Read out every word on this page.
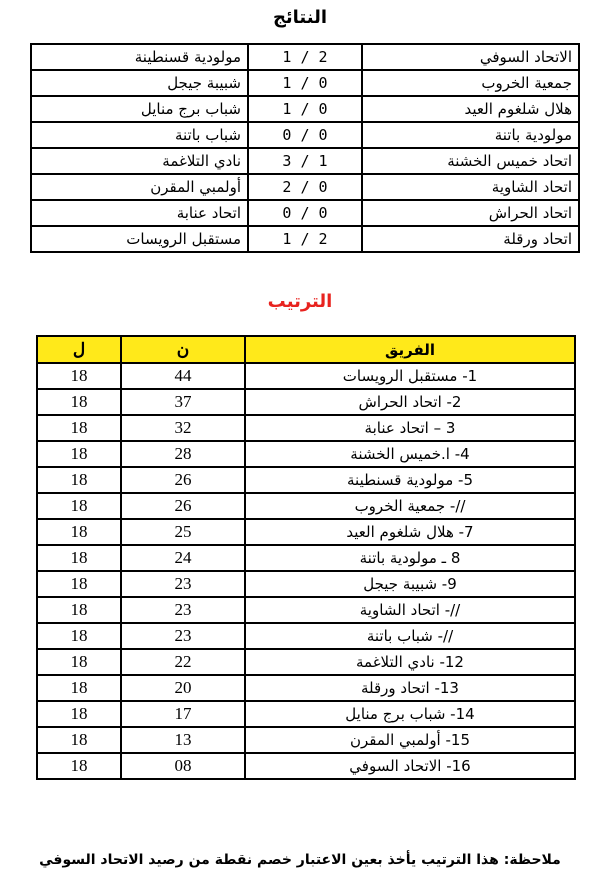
النتائج
مولودية قسنطينة	1 / 2	الاتحاد السوفي
شبيبة جيجل	1 / 0	جمعية الخروب
شباب برج منايل	1 / 0	هلال شلغوم العيد
شباب باتنة	0 / 0	مولودية باتنة
نادي التلاغمة	3 / 1	اتحاد خميس الخشنة
أولمبي المقرن	2 / 0	اتحاد الشاوية
اتحاد عنابة	0 / 0	اتحاد الحراش
مستقبل الرويسات	1 / 2	اتحاد ورقلة
الترتيب
ل	ن	الفريق
18	44	1- مستقبل الرويسات
18	37	2- اتحاد الحراش
18	32	3 – اتحاد عنابة
18	28	4- ا.خميس الخشنة
18	26	5- مولودية قسنطينة
18	26	//- جمعية الخروب
18	25	7- هلال شلغوم العيد
18	24	8 ـ مولودية باتنة
18	23	9- شبيبة جيجل
18	23	//- اتحاد الشاوية
18	23	//- شباب باتنة
18	22	12- نادي التلاغمة
18	20	13- اتحاد ورقلة
18	17	14- شباب برج منايل
18	13	15- أولمبي المقرن
18	08	16- الاتحاد السوفي
ملاحظة: هذا الترتيب يأخذ بعين الاعتبار خصم نقطة من رصيد الاتحاد السوفي
